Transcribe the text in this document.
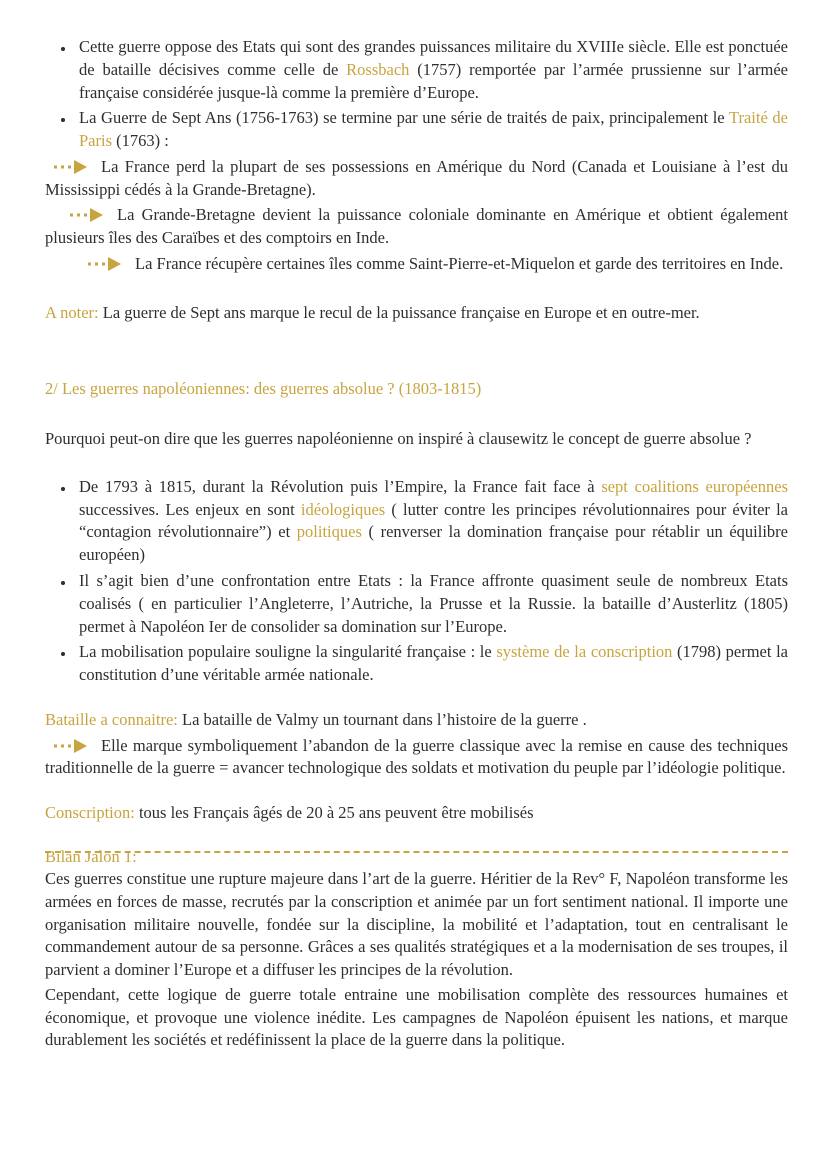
• Cette guerre oppose des Etats qui sont des grandes puissances militaire du XVIIIe siècle. Elle est ponctuée de bataille décisives comme celle de Rossbach (1757) remportée par l’armée prussienne sur l’armée française considérée jusque-là comme la première d’Europe.
• La Guerre de Sept Ans (1756-1763) se termine par une série de traités de paix, principalement le Traité de Paris (1763) :

La France perd la plupart de ses possessions en Amérique du Nord (Canada et Louisiane à l’est du Mississippi cédés à la Grande-Bretagne).

La Grande-Bretagne devient la puissance coloniale dominante en Amérique et obtient également plusieurs îles des Caraïbes et des comptoirs en Inde.

La France récupère certaines îles comme Saint-Pierre-et-Miquelon et garde des territoires en Inde.

A noter: La guerre de Sept ans marque le recul de la puissance française en Europe et en outre-mer.

2/ Les guerres napoléoniennes: des guerres absolue ? (1803-1815)

Pourquoi peut-on dire que les guerres napoléonienne on inspiré à clausewitz le concept de guerre absolue ?

• De 1793 à 1815, durant la Révolution puis l’Empire, la France fait face à sept coalitions européennes successives. Les enjeux en sont idéologiques ( lutter contre les principes révolutionnaires pour éviter la “contagion révolutionnaire”) et politiques ( renverser la domination française pour rétablir un équilibre européen)
• Il s’agit bien d’une confrontation entre Etats : la France affronte quasiment seule de nombreux Etats coalisés ( en particulier l’Angleterre, l’Autriche, la Prusse et la Russie. la bataille d’Austerlitz (1805) permet à Napoléon Ier de consolider sa domination sur l’Europe.
• La mobilisation populaire souligne la singularité française : le système de la conscription (1798) permet la constitution d’une véritable armée nationale.

Bataille a connaitre: La bataille de Valmy un tournant dans l’histoire de la guerre .

Elle marque symboliquement l’abandon de la guerre classique avec la remise en cause des techniques traditionnelle de la guerre = avancer technologique des soldats et motivation du peuple par l’idéologie politique.

Conscription: tous les Français âgés de 20 à 25 ans peuvent être mobilisés

Bilan Jalon 1:

Ces guerres constitue une rupture majeure dans l’art de la guerre. Héritier de la Rev° F, Napoléon transforme les armées en forces de masse, recrutés par la conscription et animée par un fort sentiment national. Il importe une organisation militaire nouvelle, fondée sur la discipline, la mobilité et l’adaptation, tout en centralisant le commandement autour de sa personne. Grâces a ses qualités stratégiques et a la modernisation de ses troupes, il parvient a dominer l’Europe et a diffuser les principes de la révolution.

Cependant, cette logique de guerre totale entraine une mobilisation complète des ressources humaines et économique, et provoque une violence inédite. Les campagnes de Napoléon épuisent les nations, et marque durablement les sociétés et redéfinissent la place de la guerre dans la politique.
